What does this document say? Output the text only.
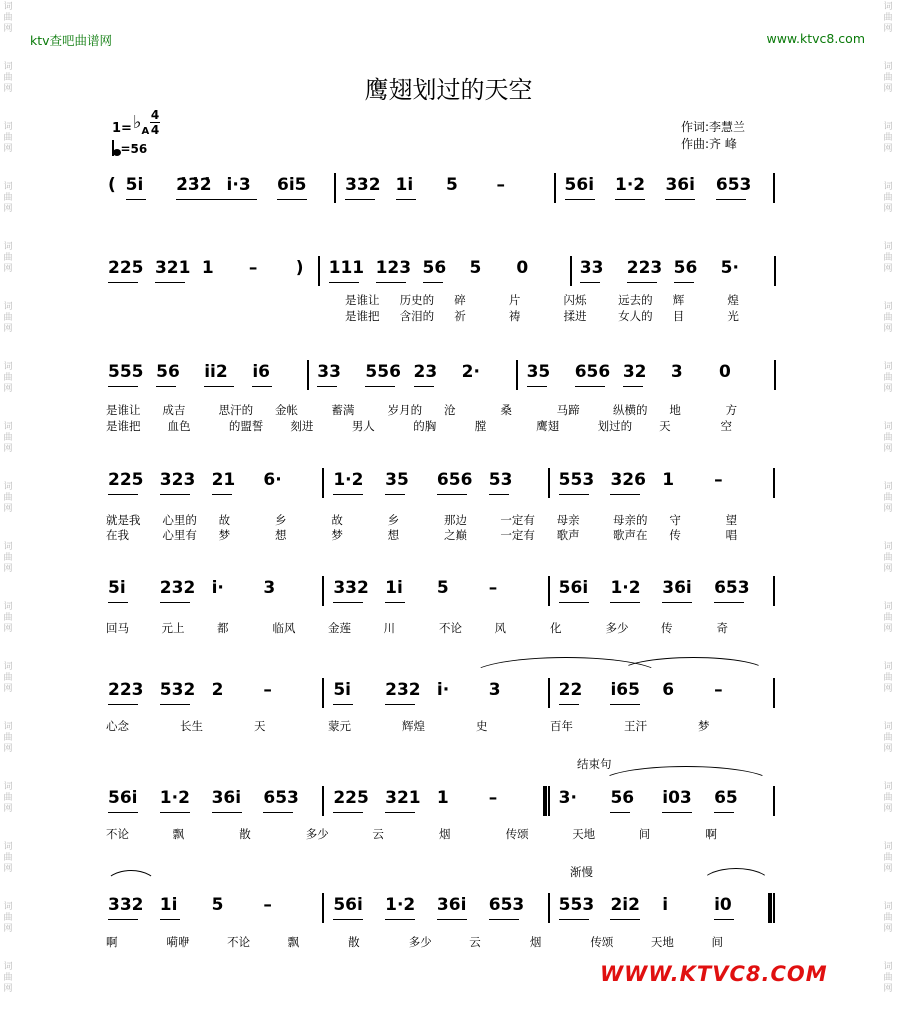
词
曲
网
词
曲
网
词
曲
网
词
曲
网
词
曲
网
词
曲
网
词
曲
网
词
曲
网
词
曲
网
词
曲
网
词
曲
网
词
曲
网
词
曲
网
词
曲
网
词
曲
网
词
曲
网
词
曲
网
词
曲
网
词
曲
网
词
曲
网
词
曲
网
词
曲
网
词
曲
网
词
曲
网
词
曲
网
词
曲
网
词
曲
网
词
曲
网
词
曲
网
词
曲
网
词
曲
网
词
曲
网
词
曲
网
词
曲
网
ktv查吧曲谱网	www.ktvc8.com
鹰翅划过的天空
1=♭A
4
4
=56
作词:李慧兰
作曲:齐 峰
( 5i 2̇3̇2̇ i·3 6i5 332 1i 5 –	56i 1·2 36i 653
225 321 1 – ) 111 123 56 5 0	33 223 56 5·
是谁让 历史的 碎	片	闪烁	远去的 辉	煌
是谁把 含泪的 祈	祷	揉进	女人的 目	光
555 56 ii2 i6	33 556 23 2·	35 656 32 3 0
是谁让 成吉	思汗的 金帐	蓄满	岁月的 沧	桑	马蹄	纵横的 地	方
是谁把 血色	的盟誓 刻进	男人	的胸	膛	鹰翅	划过的 天	空
225 323 21 6·	1·2 35 656 53	553 326 1 –
就是我 心里的 故	乡	故	乡	那边	一定有 母亲	母亲的 守	望
在我	心里有 梦	想	梦	想	之巅	一定有 歌声	歌声在 传	唱
5i 232 i· 3	332 1i 5 –	56i 1·2 36i 653
回马	元上	都	临风	金莲	川	不论	风	化	多少	传	奇
223 532 2 –	5i 232 i· 3	22 i65 6 –
心念	长生	天	蒙元	辉煌	史	百年	王汗	梦
56i 1·2 36i 653 225 321 1 –	3· 56 i03 65
不论	飘	散	多少	云	烟	传颂	天地	间	啊
332 1i 5 –	56i 1·2 36i 653 553 2i2 i	i0
啊	嗬咿	不论	飘	散	多少	云	烟	传颂	天地	间
结束句
渐慢
WWW.KTVC8.COM
